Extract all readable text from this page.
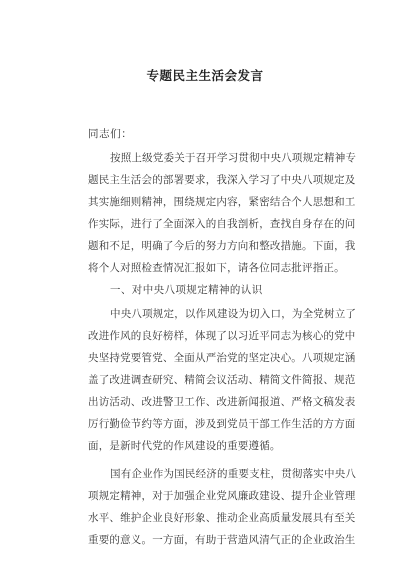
专题民主生活会发言
同志们：
按照上级党委关于召开学习贯彻中央八项规定精神专
题民主生活会的部署要求，我深入学习了中央八项规定及
其实施细则精神，围绕规定内容，紧密结合个人思想和工
作实际，进行了全面深入的自我剖析，查找自身存在的问
题和不足，明确了今后的努力方向和整改措施。下面，我
将个人对照检查情况汇报如下，请各位同志批评指正。
一、对中央八项规定精神的认识
中央八项规定，以作风建设为切入口，为全党树立了
改进作风的良好榜样，体现了以习近平同志为核心的党中
央坚持党要管党、全面从严治党的坚定决心。八项规定涵
盖了改进调查研究、精简会议活动、精简文件简报、规范
出访活动、改进警卫工作、改进新闻报道、严格文稿发表
厉行勤俭节约等方面，涉及到党员干部工作生活的方方面
面，是新时代党的作风建设的重要遵循。
国有企业作为国民经济的重要支柱，贯彻落实中央八
项规定精神，对于加强企业党风廉政建设、提升企业管理
水平、维护企业良好形象、推动企业高质量发展具有至关
重要的意义。一方面，有助于营造风清气正的企业政治生
